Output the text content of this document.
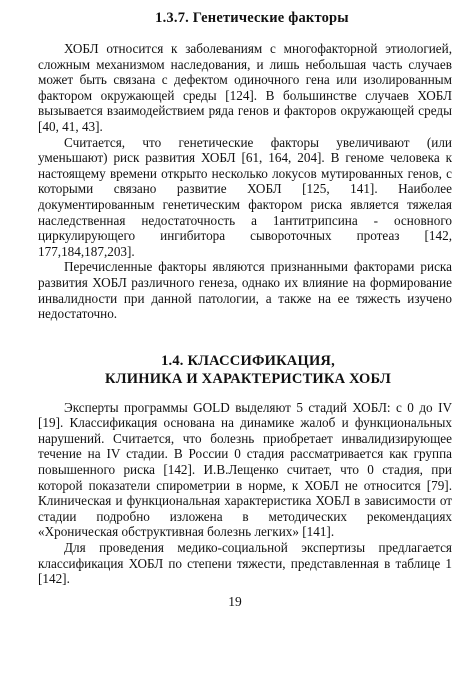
1.3.7. Генетические факторы

ХОБЛ относится к заболеваниям с многофакторной этиологией, сложным механизмом наследования, и лишь небольшая часть случаев может быть связана с дефектом одиночного гена или изолированным фактором окружающей среды [124]. В большинстве случаев ХОБЛ вызывается взаимодействием ряда генов и факторов окружающей среды [40, 41, 43].

Считается, что генетические факторы увеличивают (или уменьшают) риск развития ХОБЛ [61, 164, 204]. В геноме человека к настоящему времени открыто несколько локусов мутированных генов, с которыми связано развитие ХОБЛ [125, 141]. Наиболее документированным генетическим фактором риска является тяжелая наследственная недостаточность a 1антитрипсина - основного циркулирующего ингибитора сывороточных протеаз [142, 177,184,187,203].

Перечисленные факторы являются признанными факторами риска развития ХОБЛ различного генеза, однако их влияние на формирование инвалидности при данной патологии, а также на ее тяжесть изучено недостаточно.

1.4. КЛАССИФИКАЦИЯ,
КЛИНИКА И ХАРАКТЕРИСТИКА ХОБЛ

Эксперты программы GOLD выделяют 5 стадий ХОБЛ: с 0 до IV [19]. Классификация основана на динамике жалоб и функциональных нарушений. Считается, что болезнь приобретает инвалидизирующее течение на IV стадии. В России 0 стадия рассматривается как группа повышенного риска [142]. И.В.Лещенко считает, что 0 стадия, при которой показатели спирометрии в норме, к ХОБЛ не относится [79]. Клиническая и функциональная характеристика ХОБЛ в зависимости от стадии подробно изложена в методических рекомендациях «Хроническая обструктивная болезнь легких» [141].

Для проведения медико-социальной экспертизы предлагается классификация ХОБЛ по степени тяжести, представленная в таблице 1 [142].

19
